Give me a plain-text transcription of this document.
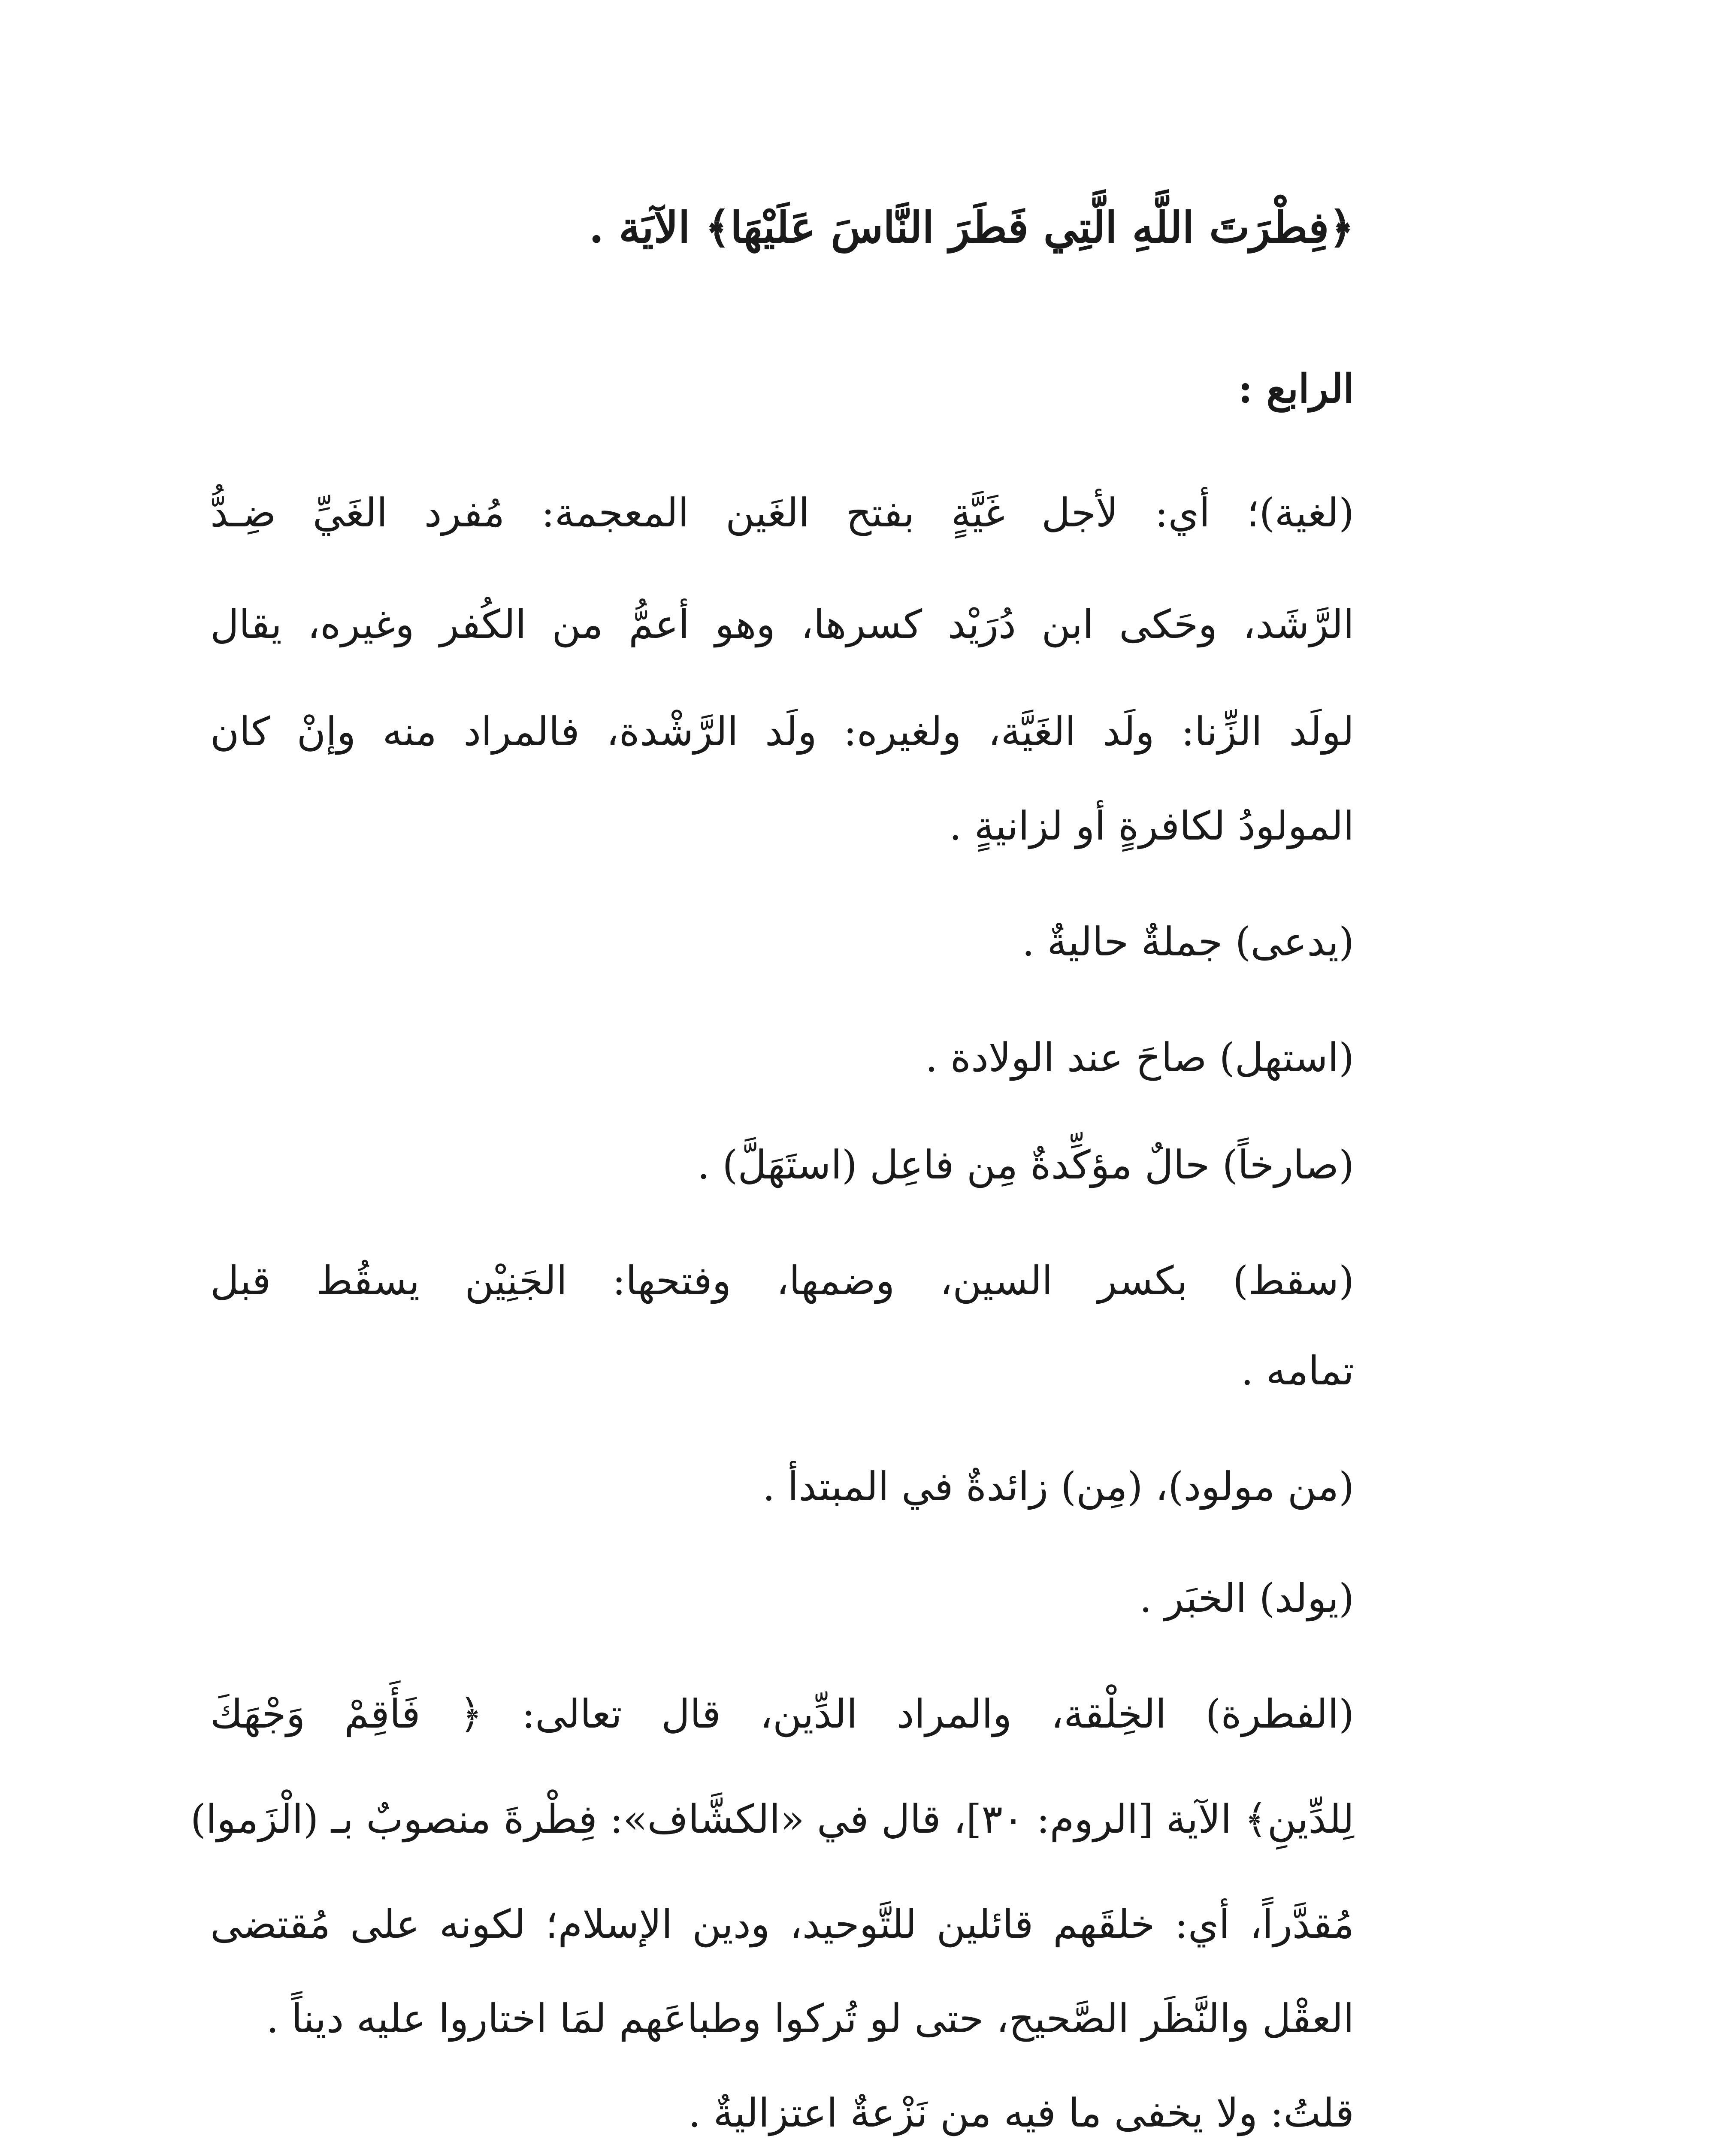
﴿فِطْرَتَ اللَّهِ الَّتِي فَطَرَ النَّاسَ عَلَيْهَا﴾ الآيَة .
الرابع :
(لغية)؛ أي: لأجل غَيَّةٍ بفتح الغَين المعجمة: مُفرد الغَيِّ ضِـدُّ
الرَّشَد، وحَكى ابن دُرَيْد كسرها، وهو أعمُّ من الكُفر وغيره، يقال
لولَد الزِّنا: ولَد الغَيَّة، ولغيره: ولَد الرَّشْدة، فالمراد منه وإنْ كان
المولودُ لكافرةٍ أو لزانيةٍ .
(يدعى) جملةٌ حاليةٌ .
(استهل) صاحَ عند الولادة .
(صارخاً) حالٌ مؤكِّدةٌ مِن فاعِل (استَهَلَّ) .
(سقط) بكسر السين، وضمها، وفتحها: الجَنِيْن يسقُط قبل
تمامه .
(من مولود)، (مِن) زائدةٌ في المبتدأ .
(يولد) الخبَر .
(الفطرة) الخِلْقة، والمراد الدِّين، قال تعالى: ﴿ فَأَقِمْ وَجْهَكَ
لِلدِّينِ﴾ الآية [الروم: ٣٠]، قال في «الكشَّاف»: فِطْرةَ منصوبٌ بـ (الْزَموا)
مُقدَّراً، أي: خلقَهم قائلين للتَّوحيد، ودين الإسلام؛ لكونه على مُقتضى
العقْل والنَّظَر الصَّحيح، حتى لو تُركوا وطباعَهم لمَا اختاروا عليه ديناً .
قلتُ: ولا يخفى ما فيه من نَزْعةٌ اعتزاليةٌ .
